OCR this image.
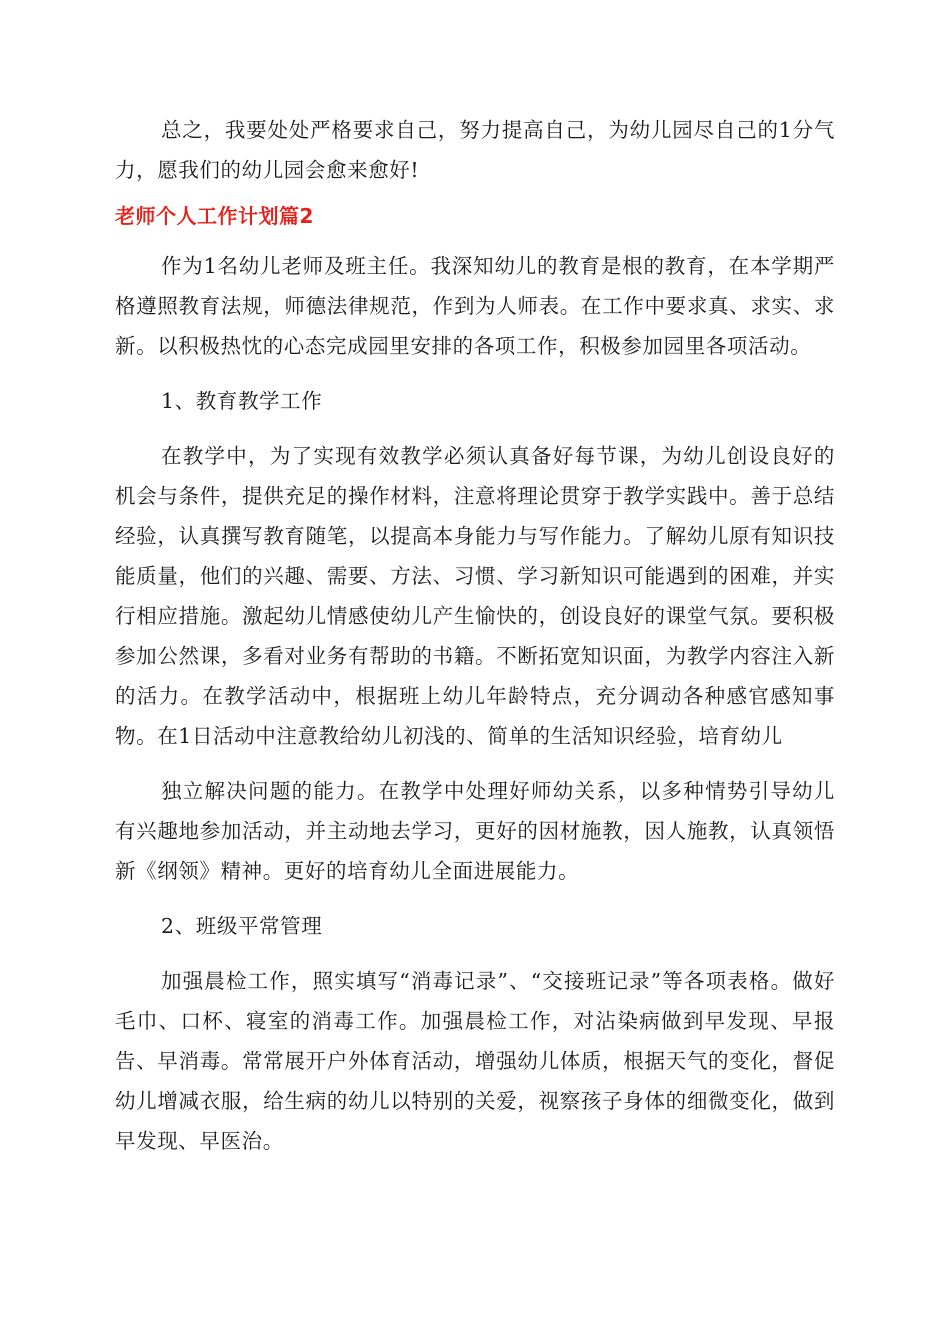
总之，我要处处严格要求自己，努力提高自己，为幼儿园尽自己的1分气力，愿我们的幼儿园会愈来愈好!

老师个人工作计划篇2

作为1名幼儿老师及班主任。我深知幼儿的教育是根的教育，在本学期严格遵照教育法规，师德法律规范，作到为人师表。在工作中要求真、求实、求新。以积极热忱的心态完成园里安排的各项工作，积极参加园里各项活动。

1、教育教学工作

在教学中，为了实现有效教学必须认真备好每节课，为幼儿创设良好的机会与条件，提供充足的操作材料，注意将理论贯穿于教学实践中。善于总结经验，认真撰写教育随笔，以提高本身能力与写作能力。了解幼儿原有知识技能质量，他们的兴趣、需要、方法、习惯、学习新知识可能遇到的困难，并实行相应措施。激起幼儿情感使幼儿产生愉快的，创设良好的课堂气氛。要积极参加公然课，多看对业务有帮助的书籍。不断拓宽知识面，为教学内容注入新的活力。在教学活动中，根据班上幼儿年龄特点，充分调动各种感官感知事物。在1日活动中注意教给幼儿初浅的、简单的生活知识经验，培育幼儿

独立解决问题的能力。在教学中处理好师幼关系，以多种情势引导幼儿有兴趣地参加活动，并主动地去学习，更好的因材施教，因人施教，认真领悟新《纲领》精神。更好的培育幼儿全面进展能力。

2、班级平常管理

加强晨检工作，照实填写“消毒记录”、“交接班记录”等各项表格。做好毛巾、口杯、寝室的消毒工作。加强晨检工作，对沾染病做到早发现、早报告、早消毒。常常展开户外体育活动，增强幼儿体质，根据天气的变化，督促幼儿增减衣服，给生病的幼儿以特别的关爱，视察孩子身体的细微变化，做到早发现、早医治。
